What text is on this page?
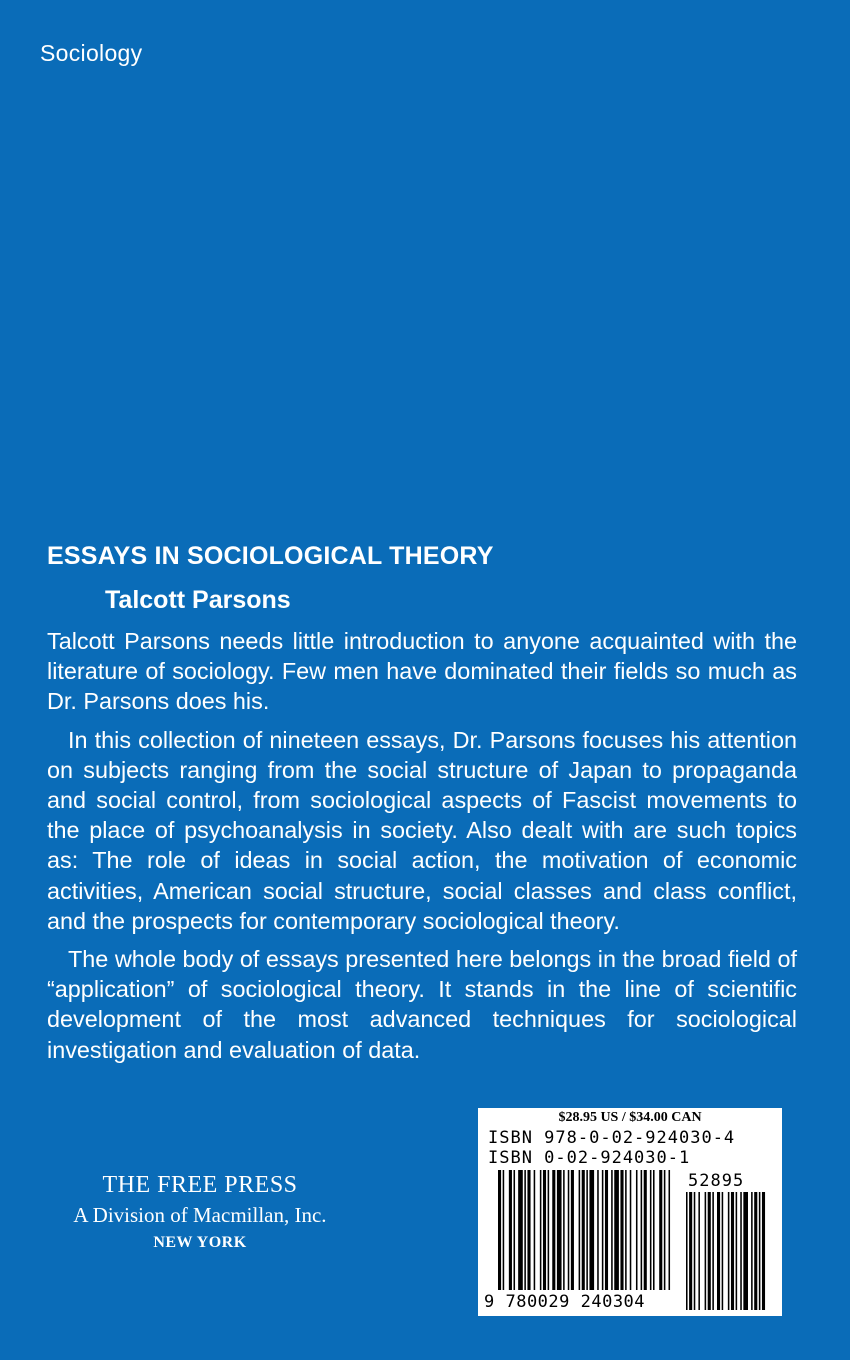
Sociology
ESSAYS IN SOCIOLOGICAL THEORY
Talcott Parsons

Talcott Parsons needs little introduction to anyone acquainted with the literature of sociology. Few men have dominated their fields so much as Dr. Parsons does his.

In this collection of nineteen essays, Dr. Parsons focuses his attention on subjects ranging from the social structure of Japan to propaganda and social control, from sociological aspects of Fascist movements to the place of psychoanalysis in society. Also dealt with are such topics as: The role of ideas in social action, the motivation of economic activities, American social structure, social classes and class conflict, and the prospects for contemporary sociological theory.

The whole body of essays presented here belongs in the broad field of “application” of sociological theory. It stands in the line of scientific development of the most advanced techniques for sociological investigation and evaluation of data.

THE FREE PRESS
A Division of Macmillan, Inc.
NEW YORK
$28.95 US / $34.00 CAN
ISBN 978-0-02-924030-4
ISBN 0-02-924030-1
52895
9 780029 240304
